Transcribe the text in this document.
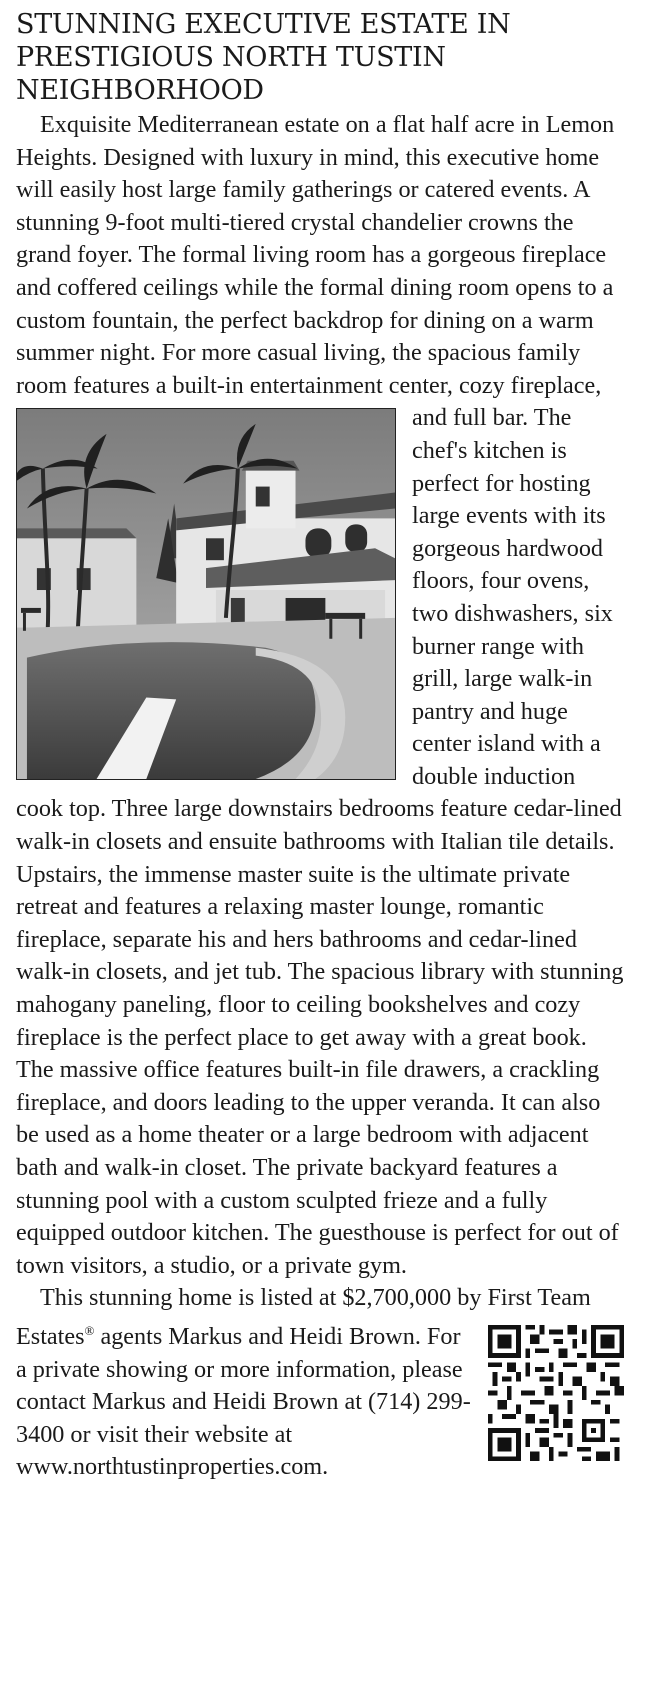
STUNNING EXECUTIVE ESTATE IN PRESTIGIOUS NORTH TUSTIN NEIGHBORHOOD

Exquisite Mediterranean estate on a flat half acre in Lemon Heights. Designed with luxury in mind, this executive home will easily host large family gatherings or catered events. A stunning 9-foot multi-tiered crystal chandelier crowns the grand foyer. The formal living room has a gorgeous fireplace and coffered ceilings while the formal dining room opens to a custom fountain, the perfect backdrop for dining on a warm summer night. For more casual living, the spacious family room features a built-in entertainment center, cozy fireplace, and full bar. The chef's kitchen is perfect for hosting large events with its gorgeous hardwood floors, four ovens, two dishwashers, six burner range with grill, large walk-in pantry and huge center island with a double induction cook top. Three large downstairs bedrooms feature cedar-lined walk-in closets and ensuite bathrooms with Italian tile details. Upstairs, the immense master suite is the ultimate private retreat and features a relaxing master lounge, romantic fireplace, separate his and hers bathrooms and cedar-lined walk-in closets, and jet tub. The spacious library with stunning mahogany paneling, floor to ceiling bookshelves and cozy fireplace is the perfect place to get away with a great book. The massive office features built-in file drawers, a crackling fireplace, and doors leading to the upper veranda. It can also be used as a home theater or a large bedroom with adjacent bath and walk-in closet. The private backyard features a stunning pool with a custom sculpted frieze and a fully equipped outdoor kitchen. The guesthouse is perfect for out of town visitors, a studio, or a private gym.

This stunning home is listed at $2,700,000 by First Team Estates®
agents Markus and Heidi Brown. For a private showing or more information, please contact Markus and Heidi Brown at (714) 299-3400 or visit their website at www.northtustinproperties.com.
